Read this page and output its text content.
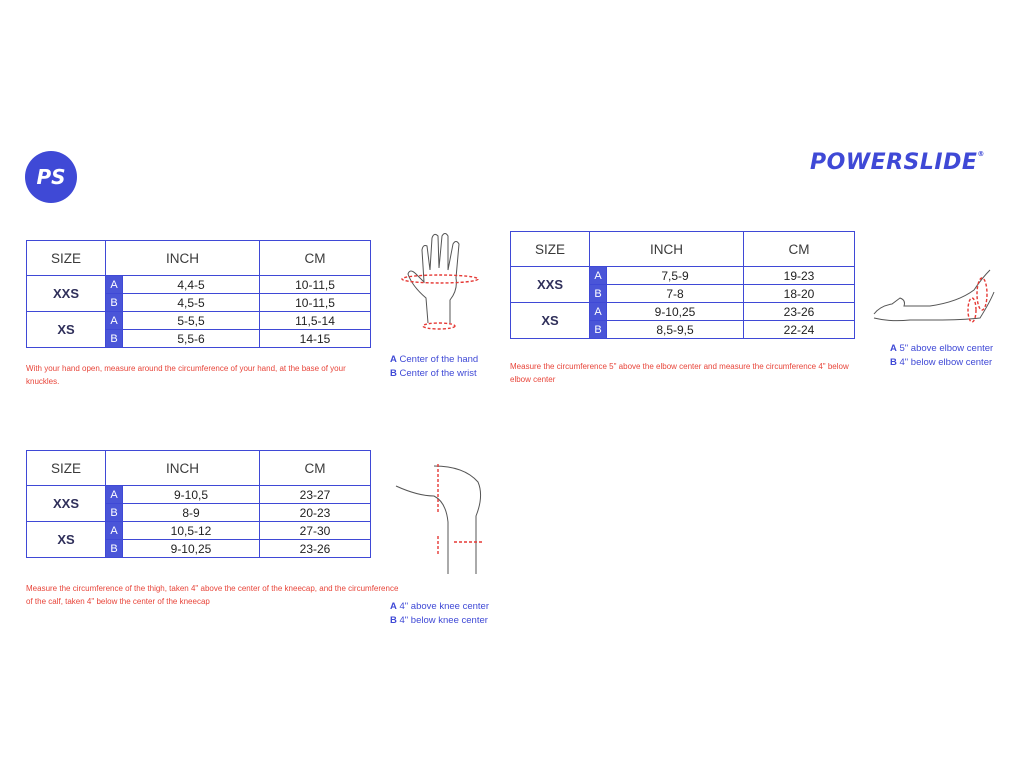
PS
POWERSLIDE®
SIZE	INCH		CM
XXS	A	4,4-5	10-11,5
	B	4,5-5	10-11,5
XS	A	5-5,5	11,5-14
	B	5,5-6	14-15
With your hand open, measure around the circumference of your hand, at the base of your knuckles.
A Center of the hand
B Center of the wrist
SIZE	INCH		CM
XXS	A	7,5-9	19-23
	B	7-8	18-20
XS	A	9-10,25	23-26
	B	8,5-9,5	22-24
Measure the circumference 5" above the elbow center and measure the circumference 4" below elbow center
A 5" above elbow center
B 4" below elbow center
SIZE	INCH		CM
XXS	A	9-10,5	23-27
	B	8-9	20-23
XS	A	10,5-12	27-30
	B	9-10,25	23-26
Measure the circumference of the thigh, taken 4" above the center of the kneecap, and the circumference of the calf, taken 4" below the center of the kneecap	A 4" above knee center
B 4" below knee center
